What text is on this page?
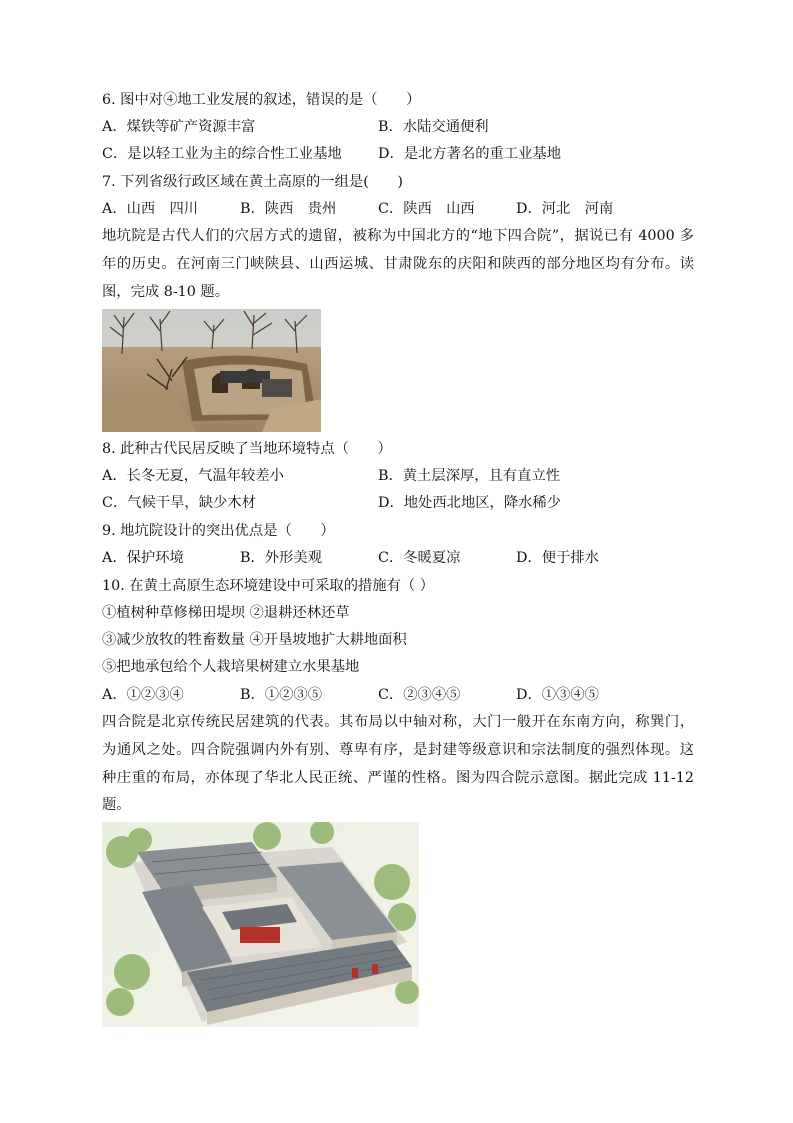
6. 图中对④地工业发展的叙述，错误的是（　　）
A．煤铁等矿产资源丰富	B．水陆交通便利
C．是以轻工业为主的综合性工业基地	D．是北方著名的重工业基地
7. 下列省级行政区域在黄土高原的一组是(　　)
A．山西　四川	B．陕西　贵州	C．陕西　山西	D．河北　河南
地坑院是古代人们的穴居方式的遗留，被称为中国北方的“地下四合院”，据说已有 4000 多
年的历史。在河南三门峡陕县、山西运城、甘肃陇东的庆阳和陕西的部分地区均有分布。读
图，完成 8-10 题。
8. 此种古代民居反映了当地环境特点（　　）
A．长冬无夏，气温年较差小	B．黄土层深厚，且有直立性
C．气候干旱，缺少木材	D．地处西北地区，降水稀少
9. 地坑院设计的突出优点是（　　）
A．保护环境	B．外形美观	C．冬暖夏凉	D．便于排水
10. 在黄土高原生态环境建设中可采取的措施有（ ）
①植树种草修梯田堤坝 ②退耕还林还草
③减少放牧的牲畜数量 ④开垦坡地扩大耕地面积
⑤把地承包给个人栽培果树建立水果基地
A．①②③④	B．①②③⑤	C．②③④⑤	D．①③④⑤
四合院是北京传统民居建筑的代表。其布局以中轴对称，大门一般开在东南方向，称巽门，
为通风之处。四合院强调内外有别、尊卑有序，是封建等级意识和宗法制度的强烈体现。这
种庄重的布局，亦体现了华北人民正统、严谨的性格。图为四合院示意图。据此完成 11-12
题。
